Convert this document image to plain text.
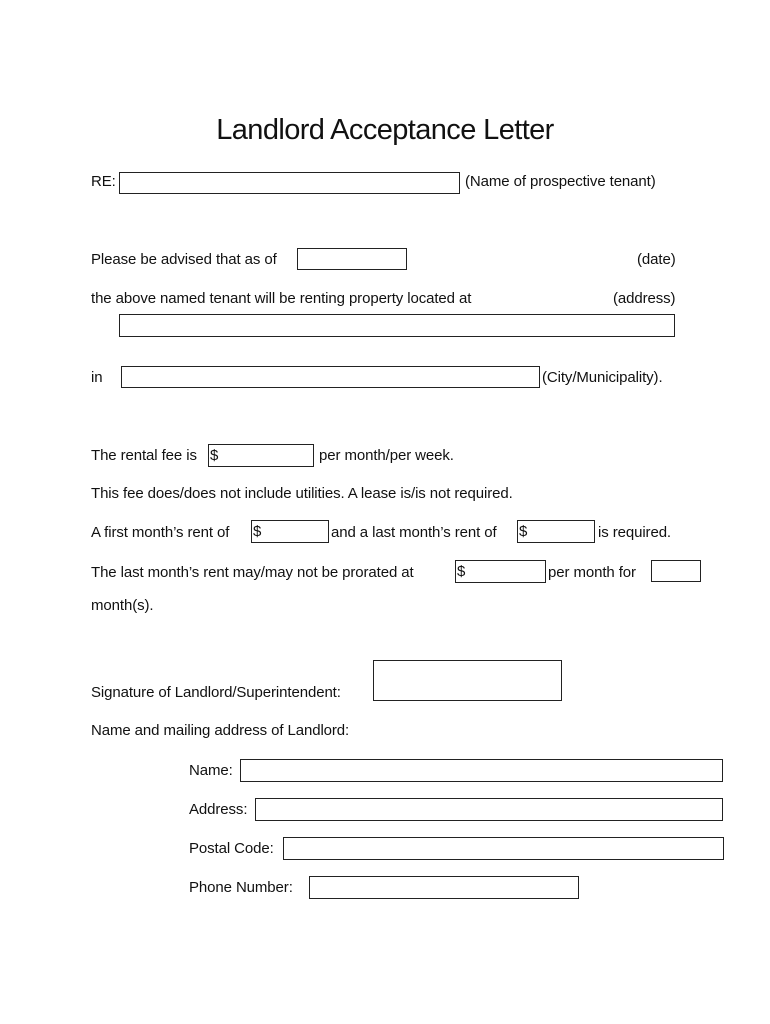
Landlord Acceptance Letter
RE:	(Name of prospective tenant)
Please be advised that as of	(date)
the above named tenant will be renting property located at	(address)
in	(City/Municipality).
The rental fee is $	per month/per week.
This fee does/does not include utilities. A lease is/is not required.
A first month’s rent of $	and a last month’s rent of $	is required.
The last month’s rent may/may not be prorated at	$	per month for
month(s).
Signature of Landlord/Superintendent:
Name and mailing address of Landlord:
Name:
Address:
Postal Code:
Phone Number:
